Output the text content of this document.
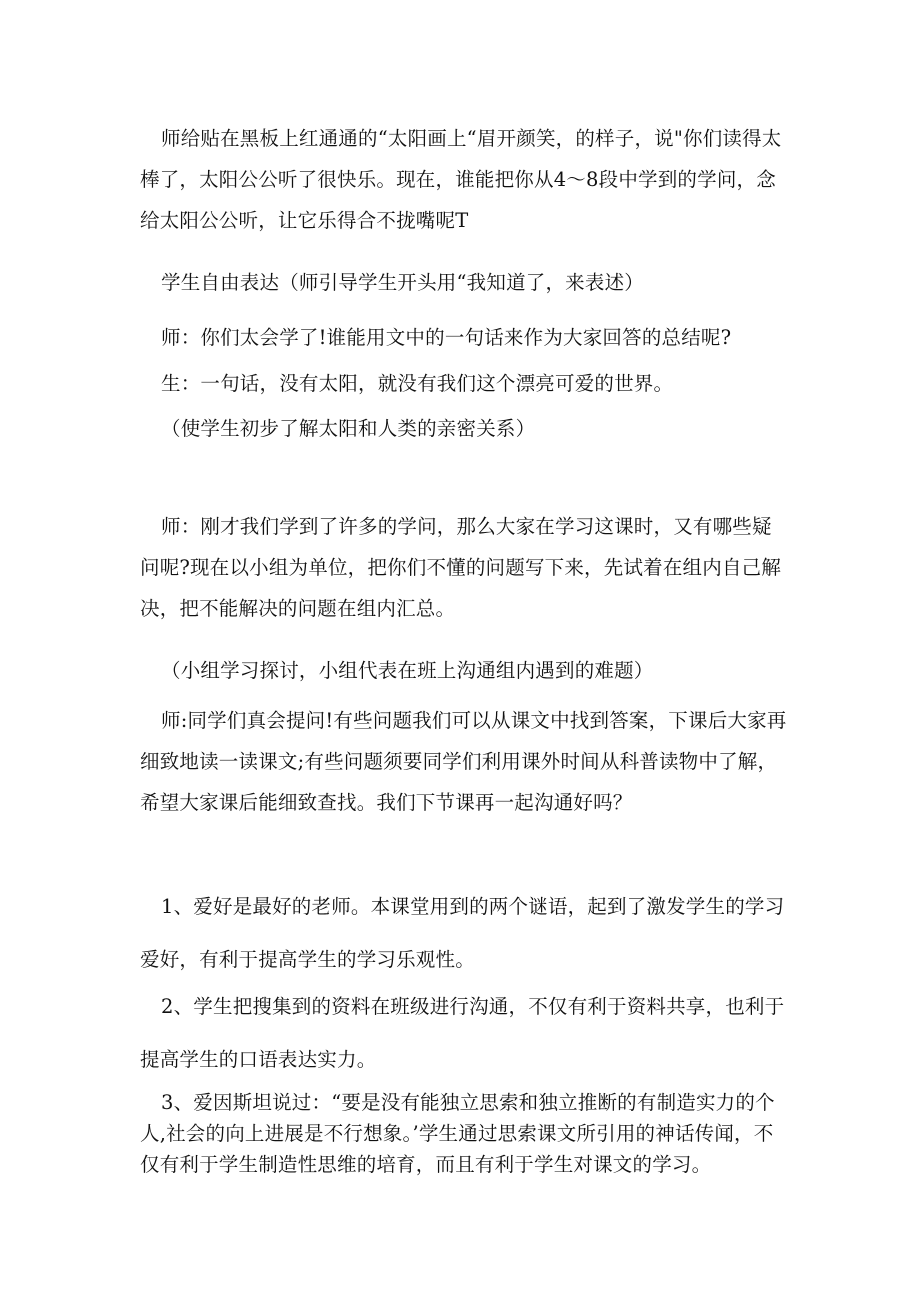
师给贴在黑板上红通通的“太阳画上“眉开颜笑，的样子，说"你们读得太棒了，太阳公公听了很快乐。现在，谁能把你从4～8段中学到的学问，念给太阳公公听，让它乐得合不拢嘴呢T

学生自由表达（师引导学生开头用“我知道了，来表述）

师：你们太会学了!谁能用文中的一句话来作为大家回答的总结呢?

生：一句话，没有太阳，就没有我们这个漂亮可爱的世界。

（使学生初步了解太阳和人类的亲密关系）

师：刚才我们学到了许多的学问，那么大家在学习这课时，又有哪些疑问呢?现在以小组为单位，把你们不懂的问题写下来，先试着在组内自己解决，把不能解决的问题在组内汇总。

（小组学习探讨，小组代表在班上沟通组内遇到的难题）

师:同学们真会提问!有些问题我们可以从课文中找到答案，下课后大家再细致地读一读课文;有些问题须要同学们利用课外时间从科普读物中了解，希望大家课后能细致查找。我们下节课再一起沟通好吗？

1、爱好是最好的老师。本课堂用到的两个谜语，起到了激发学生的学习爱好，有利于提高学生的学习乐观性。

2、学生把搜集到的资料在班级进行沟通，不仅有利于资料共享，也利于提高学生的口语表达实力。

3、爱因斯坦说过：“要是没有能独立思索和独立推断的有制造实力的个人,社会的向上进展是不行想象。’学生通过思索课文所引用的神话传闻，不仅有利于学生制造性思维的培育，而且有利于学生对课文的学习。
